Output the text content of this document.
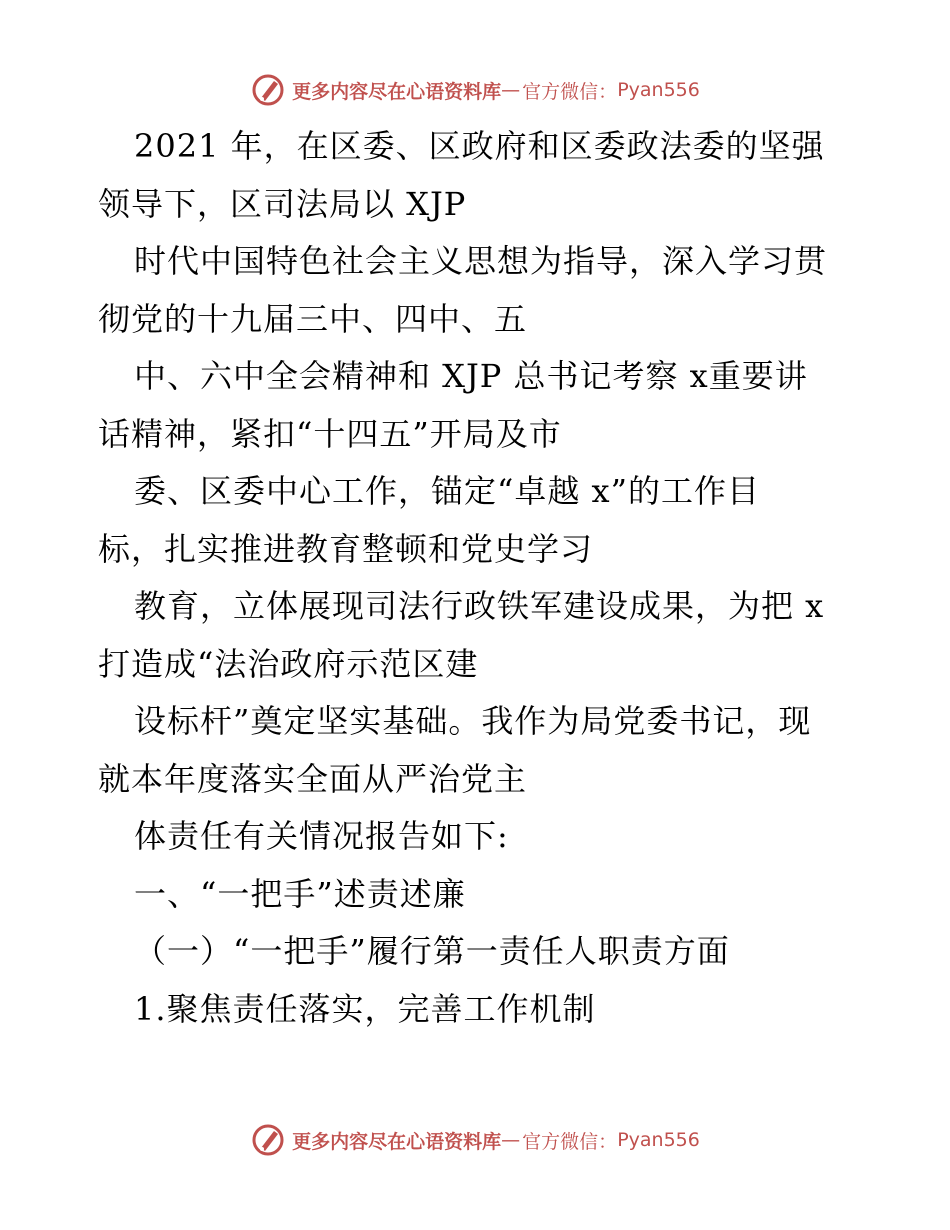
更多内容尽在心语资料库 — 官方微信： Pyan556

2021 年，在区委、区政府和区委政法委的坚强

领导下，区司法局以 XJP

时代中国特色社会主义思想为指导，深入学习贯

彻党的十九届三中、四中、五

中、六中全会精神和 XJP 总书记考察 x重要讲

话精神，紧扣“十四五”开局及市

委、区委中心工作，锚定“卓越 x”的工作目

标，扎实推进教育整顿和党史学习

教育，立体展现司法行政铁军建设成果，为把 x

打造成“法治政府示范区建

设标杆”奠定坚实基础。我作为局党委书记，现

就本年度落实全面从严治党主

体责任有关情况报告如下:

一、“一把手”述责述廉

（一）“一把手”履行第一责任人职责方面

1.聚焦责任落实，完善工作机制

更多内容尽在心语资料库 — 官方微信： Pyan556
